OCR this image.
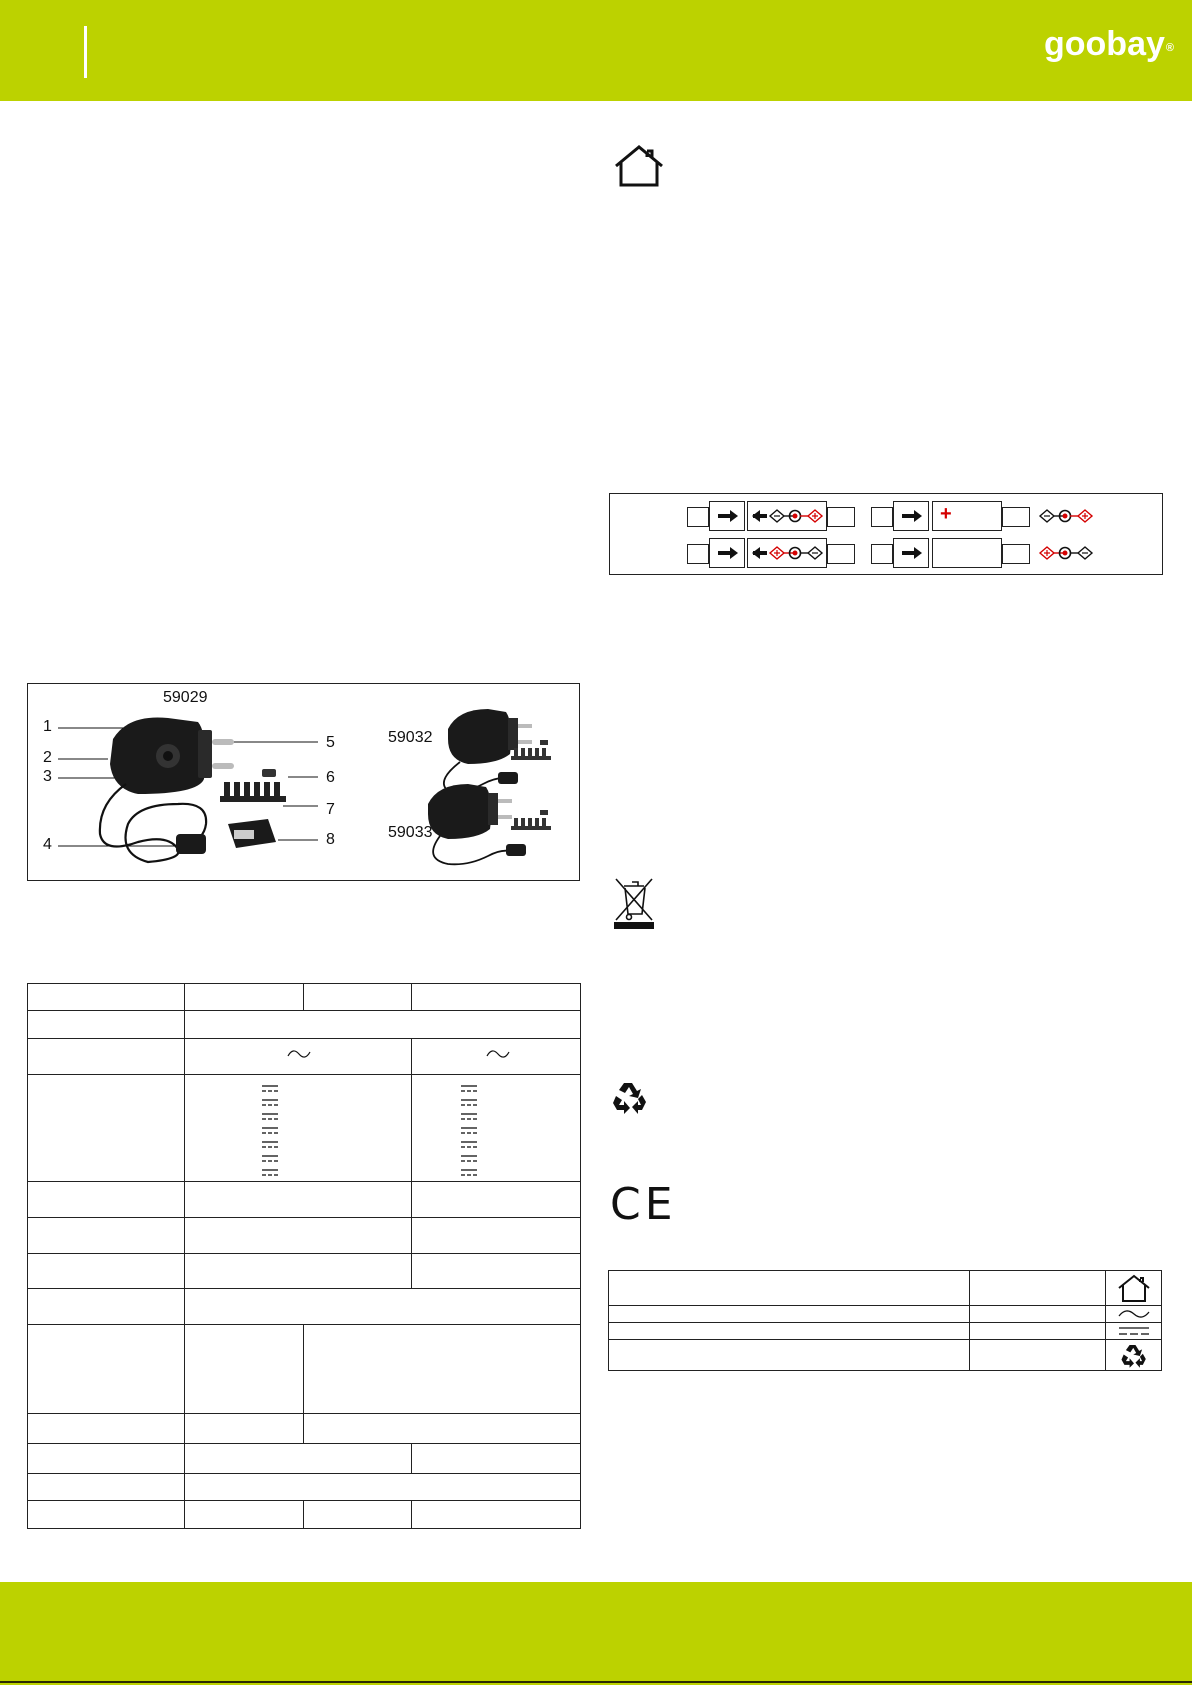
goobay®
+
59029
59032
59033
1
2
3
4
5
6
7
8
CE
